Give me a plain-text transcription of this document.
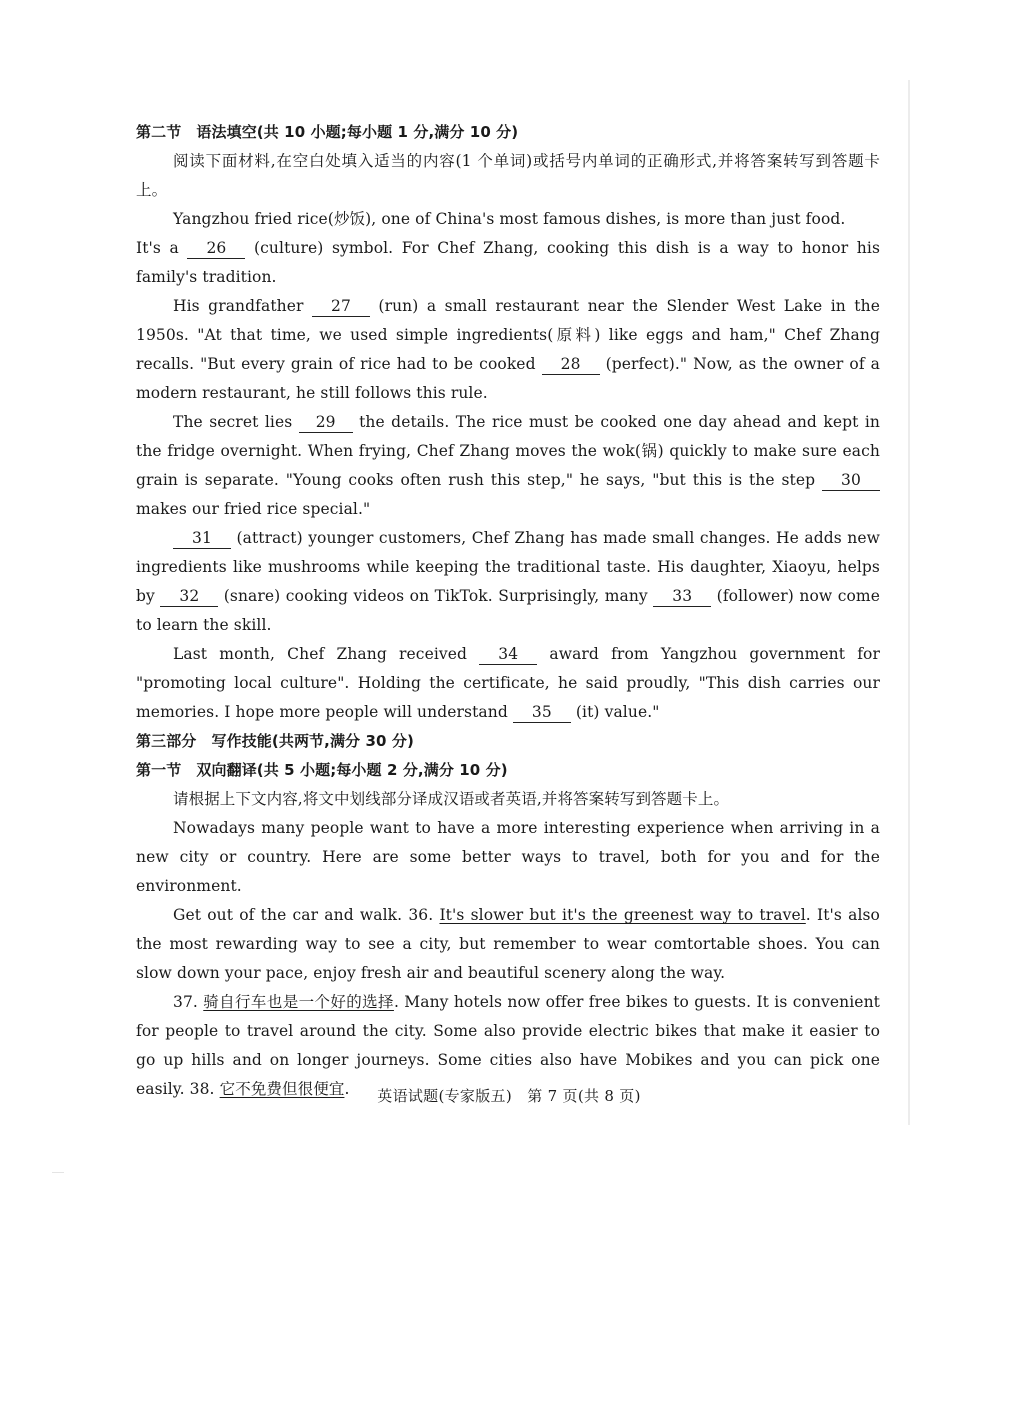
第二节　语法填空(共 10 小题;每小题 1 分,满分 10 分)

阅读下面材料,在空白处填入适当的内容(1 个单词)或括号内单词的正确形式,并将答案转写到答题卡上。

Yangzhou fried rice(炒饭), one of China's most famous dishes, is more than just food.

It's a 26 (culture) symbol. For Chef Zhang, cooking this dish is a way to honor his family's tradition.

His grandfather 27 (run) a small restaurant near the Slender West Lake in the 1950s. "At that time, we used simple ingredients(原料) like eggs and ham," Chef Zhang recalls. "But every grain of rice had to be cooked 28 (perfect)." Now, as the owner of a modern restaurant, he still follows this rule.

The secret lies 29 the details. The rice must be cooked one day ahead and kept in the fridge overnight. When frying, Chef Zhang moves the wok(锅) quickly to make sure each grain is separate. "Young cooks often rush this step," he says, "but this is the step 30 makes our fried rice special."

31 (attract) younger customers, Chef Zhang has made small changes. He adds new ingredients like mushrooms while keeping the traditional taste. His daughter, Xiaoyu, helps by 32 (snare) cooking videos on TikTok. Surprisingly, many 33 (follower) now come to learn the skill.

Last month, Chef Zhang received 34 award from Yangzhou government for "promoting local culture". Holding the certificate, he said proudly, "This dish carries our memories. I hope more people will understand 35 (it) value."

第三部分　写作技能(共两节,满分 30 分)
第一节　双向翻译(共 5 小题;每小题 2 分,满分 10 分)

请根据上下文内容,将文中划线部分译成汉语或者英语,并将答案转写到答题卡上。

Nowadays many people want to have a more interesting experience when arriving in a new city or country. Here are some better ways to travel, both for you and for the environment.

Get out of the car and walk. 36. It's slower but it's the greenest way to travel. It's also the most rewarding way to see a city, but remember to wear comtortable shoes. You can slow down your pace, enjoy fresh air and beautiful scenery along the way.

37. 骑自行车也是一个好的选择. Many hotels now offer free bikes to guests. It is convenient for people to travel around the city. Some also provide electric bikes that make it easier to go up hills and on longer journeys. Some cities also have Mobikes and you can pick one easily. 38. 它不免费但很便宜.	英语试题(专家版五)　第 7 页(共 8 页)
